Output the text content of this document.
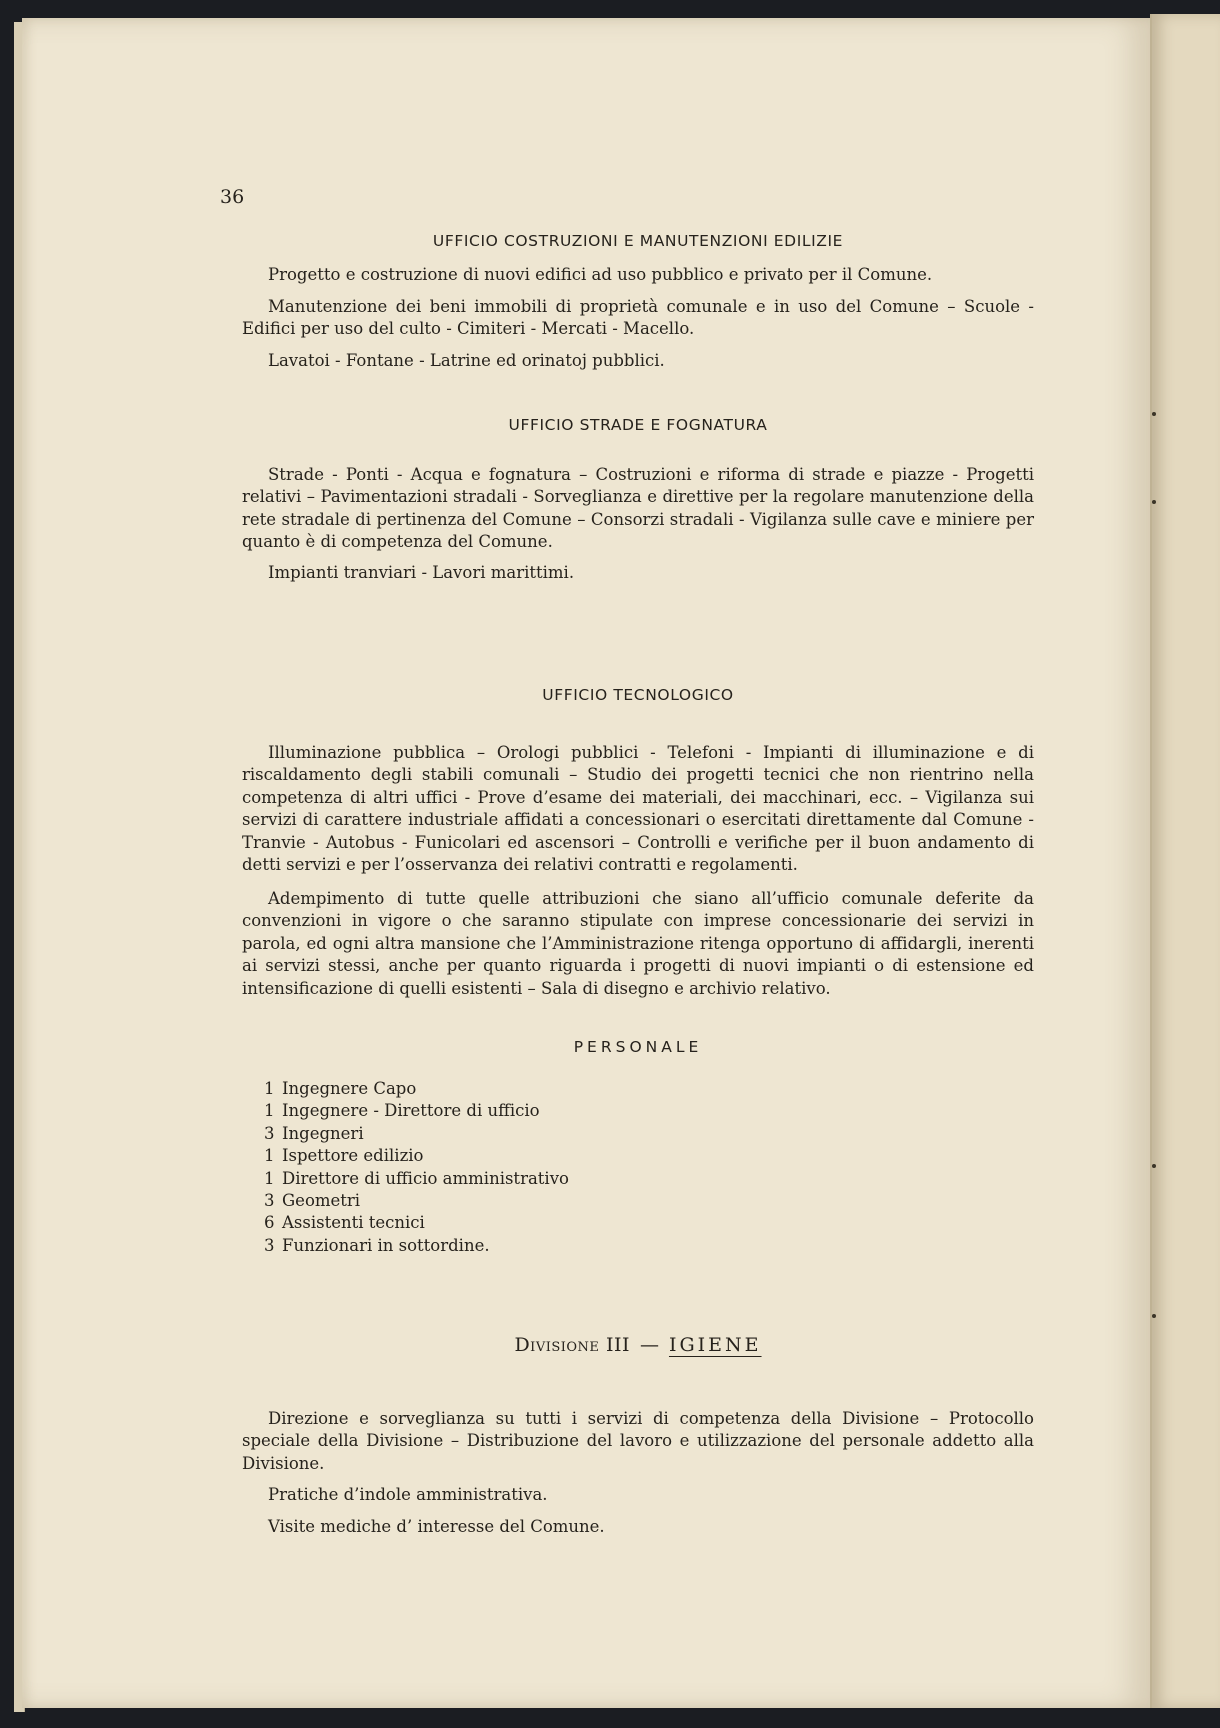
36
UFFICIO COSTRUZIONI E MANUTENZIONI EDILIZIE

Progetto e costruzione di nuovi edifici ad uso pubblico e privato per il Comune.

Manutenzione dei beni immobili di proprietà comunale e in uso del Comune – Scuole - Edifici per uso del culto - Cimiteri - Mercati - Macello.

Lavatoi - Fontane - Latrine ed orinatoj pubblici.

UFFICIO STRADE E FOGNATURA

Strade - Ponti - Acqua e fognatura – Costruzioni e riforma di strade e piazze - Progetti relativi – Pavimentazioni stradali - Sorveglianza e direttive per la regolare manutenzione della rete stradale di pertinenza del Comune – Consorzi stradali - Vigilanza sulle cave e miniere per quanto è di competenza del Comune.

Impianti tranviari - Lavori marittimi.

UFFICIO TECNOLOGICO

Illuminazione pubblica – Orologi pubblici - Telefoni - Impianti di illuminazione e di riscaldamento degli stabili comunali – Studio dei progetti tecnici che non rientrino nella competenza di altri uffici - Prove d’esame dei materiali, dei macchinari, ecc. – Vigilanza sui servizi di carattere industriale affidati a concessionari o esercitati direttamente dal Comune - Tranvie - Autobus - Funicolari ed ascensori – Controlli e verifiche per il buon andamento di detti servizi e per l’osservanza dei relativi contratti e regolamenti.

Adempimento di tutte quelle attribuzioni che siano all’ufficio comunale deferite da convenzioni in vigore o che saranno stipulate con imprese concessionarie dei servizi in parola, ed ogni altra mansione che l’Amministrazione ritenga opportuno di affidargli, inerenti ai servizi stessi, anche per quanto riguarda i progetti di nuovi impianti o di estensione ed intensificazione di quelli esistenti – Sala di disegno e archivio relativo.

PERSONALE
1 Ingegnere Capo
1 Ingegnere - Direttore di ufficio
3 Ingegneri
1 Ispettore edilizio
1 Direttore di ufficio amministrativo
3 Geometri
6 Assistenti tecnici
3 Funzionari in sottordine.
Divisione III — IGIENE

Direzione e sorveglianza su tutti i servizi di competenza della Divisione – Protocollo speciale della Divisione – Distribuzione del lavoro e utilizzazione del personale addetto alla Divisione.

Pratiche d’indole amministrativa.

Visite mediche d’ interesse del Comune.
